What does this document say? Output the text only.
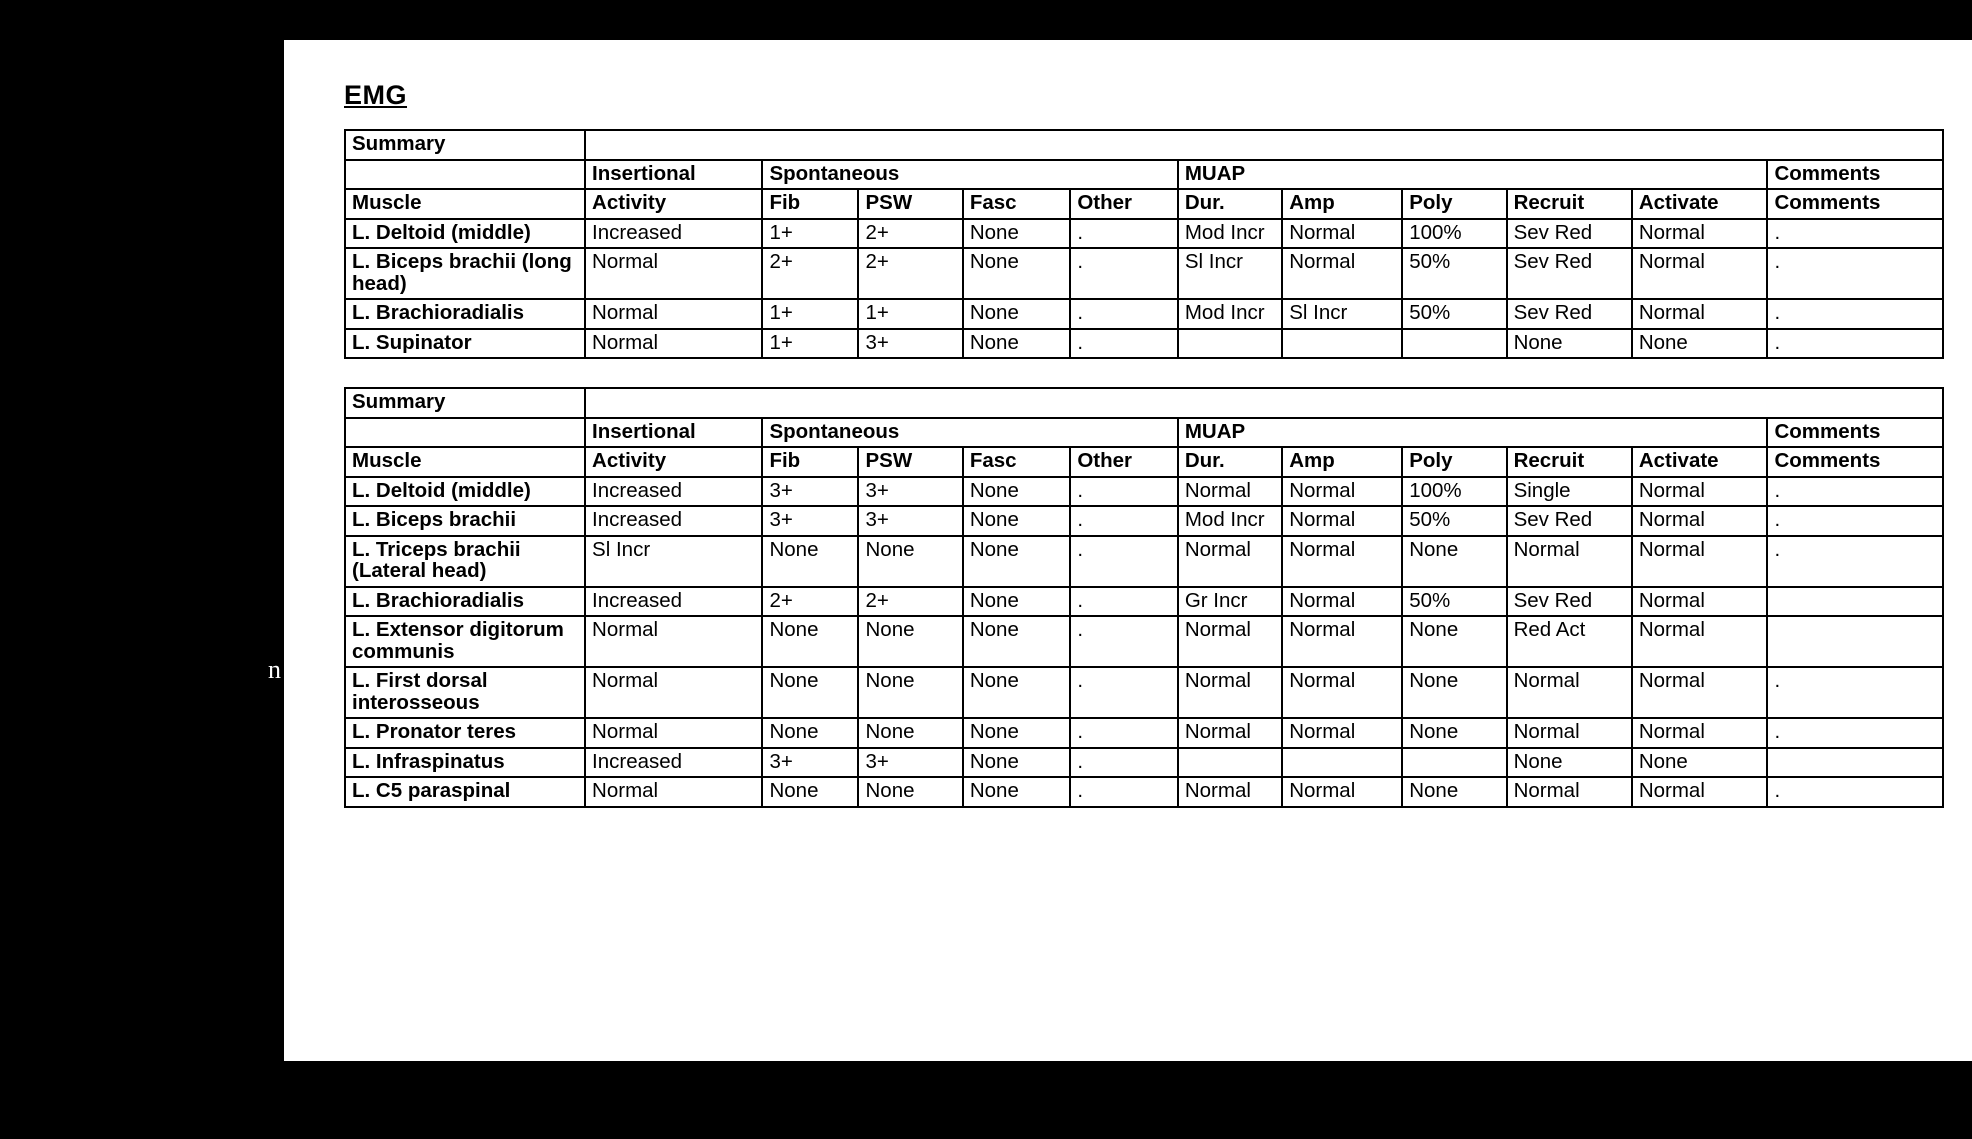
n
EMG
Summary											
	Insertional	Spontaneous				MUAP					Comments
Muscle	Activity	Fib	PSW	Fasc	Other	Dur.	Amp	Poly	Recruit	Activate	Comments
L. Deltoid (middle)	Increased	1+	2+	None	.	Mod Incr	Normal	100%	Sev Red	Normal	.
L. Biceps brachii (long head)	Normal	2+	2+	None	.	Sl Incr	Normal	50%	Sev Red	Normal	.
L. Brachioradialis	Normal	1+	1+	None	.	Mod Incr	Sl Incr	50%	Sev Red	Normal	.
L. Supinator	Normal	1+	3+	None	.				None	None	.
Summary											
	Insertional	Spontaneous				MUAP					Comments
Muscle	Activity	Fib	PSW	Fasc	Other	Dur.	Amp	Poly	Recruit	Activate	Comments
L. Deltoid (middle)	Increased	3+	3+	None	.	Normal	Normal	100%	Single	Normal	.
L. Biceps brachii	Increased	3+	3+	None	.	Mod Incr	Normal	50%	Sev Red	Normal	.
L. Triceps brachii (Lateral head)	Sl Incr	None	None	None	.	Normal	Normal	None	Normal	Normal	.
L. Brachioradialis	Increased	2+	2+	None	.	Gr Incr	Normal	50%	Sev Red	Normal	
L. Extensor digitorum communis	Normal	None	None	None	.	Normal	Normal	None	Red Act	Normal	
L. First dorsal interosseous	Normal	None	None	None	.	Normal	Normal	None	Normal	Normal	.
L. Pronator teres	Normal	None	None	None	.	Normal	Normal	None	Normal	Normal	.
L. Infraspinatus	Increased	3+	3+	None	.				None	None	
L. C5 paraspinal	Normal	None	None	None	.	Normal	Normal	None	Normal	Normal	.
